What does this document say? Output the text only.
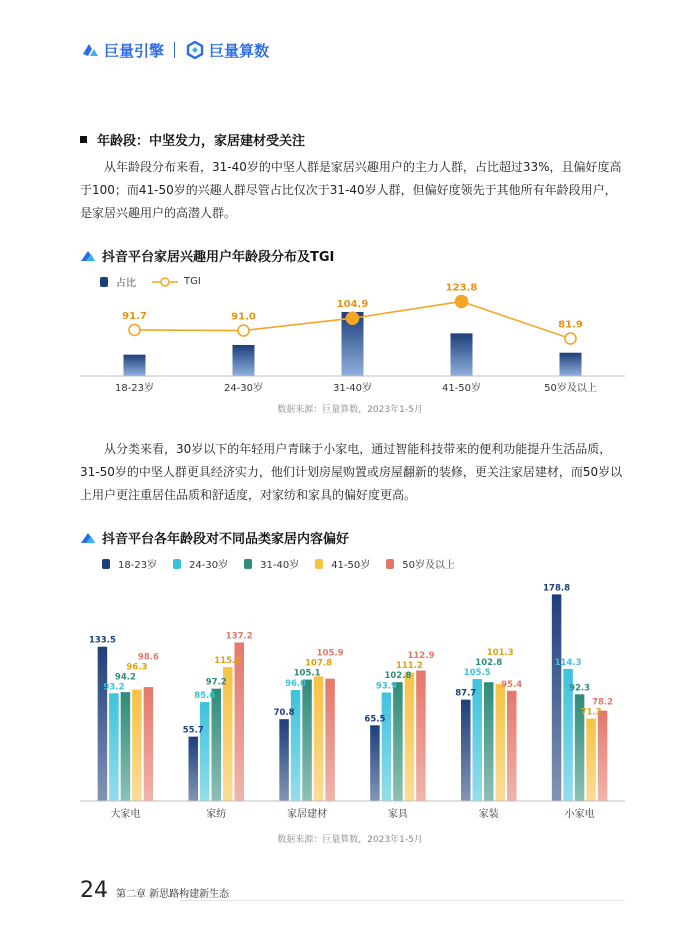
巨量引擎	巨量算数
年龄段：中坚发力，家居建材受关注
从年龄段分布来看，31-40岁的中坚人群是家居兴趣用户的主力人群，占比超过33%，且偏好度高于100；而41-50岁的兴趣人群尽管占比仅次于31-40岁人群，但偏好度领先于其他所有年龄段用户，是家居兴趣用户的高潜人群。
抖音平台家居兴趣用户年龄段分布及TGI
占比	TGI
91.7	91.0
104.9
123.8
81.9
18-23岁	24-30岁	31-40岁	41-50岁	50岁及以上
数据来源：巨量算数，2023年1-5月
从分类来看，30岁以下的年轻用户青睐于小家电，通过智能科技带来的便利功能提升生活品质，31-50岁的中坚人群更具经济实力，他们计划房屋购置或房屋翻新的装修，更关注家居建材，而50岁以上用户更注重居住品质和舒适度，对家纺和家具的偏好度更高。
抖音平台各年龄段对不同品类家居内容偏好
18-23岁	24-30岁	31-40岁	41-50岁	50岁及以上
133.5
93.2
94.2
96.3
98.6
大家电
55.7
85.6
97.2
115.9
137.2
家纺
70.8
96.0
105.1
107.8
105.9
家居建材
65.5
93.9
102.8
111.2
112.9
家具
87.7
105.5
102.8
101.3
95.4
家装
178.8
114.3
92.3
71.3
78.2
小家电
数据来源：巨量算数，2023年1-5月
24 第二章 新思路构建新生态
